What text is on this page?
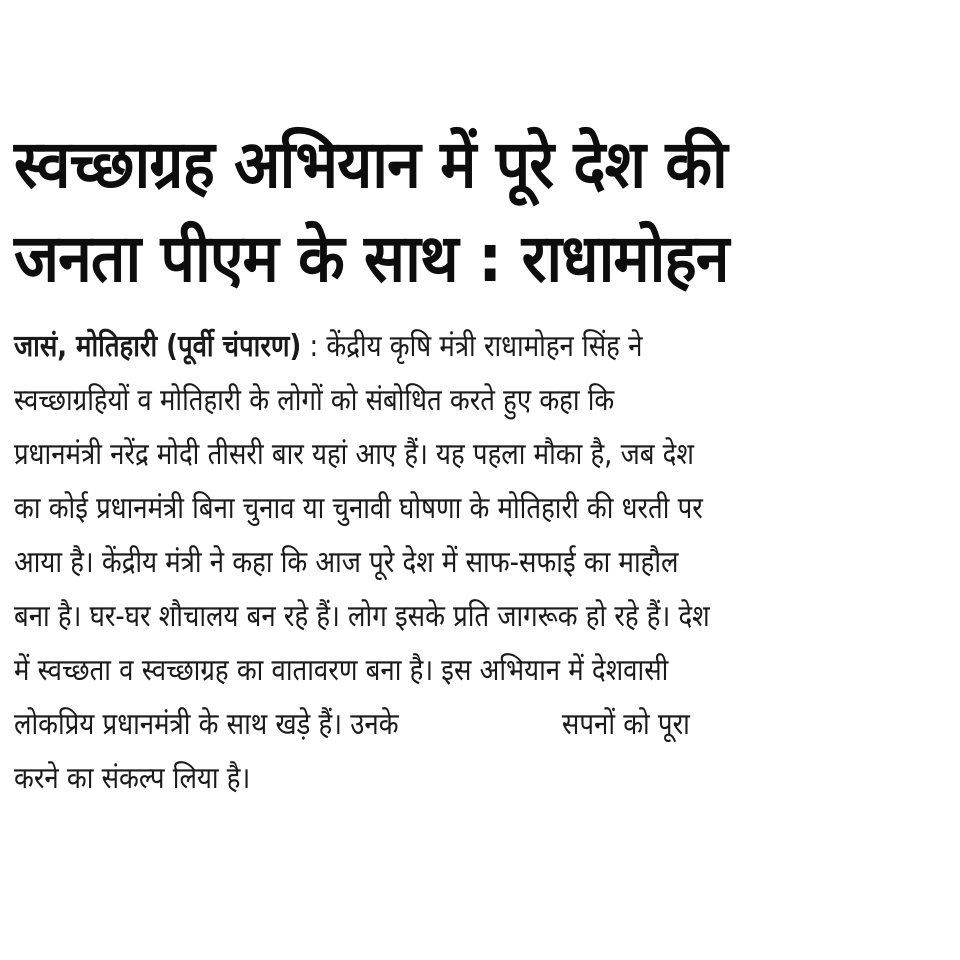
स्वच्छाग्रह अभियान में पूरे देश की
जनता पीएम के साथ : राधामोहन
जासं, मोतिहारी (पूर्वी चंपारण) : केंद्रीय कृषि मंत्री राधामोहन सिंह ने
स्वच्छाग्रहियों व मोतिहारी के लोगों को संबोधित करते हुए कहा कि
प्रधानमंत्री नरेंद्र मोदी तीसरी बार यहां आए हैं। यह पहला मौका है, जब देश
का कोई प्रधानमंत्री बिना चुनाव या चुनावी घोषणा के मोतिहारी की धरती पर
आया है। केंद्रीय मंत्री ने कहा कि आज पूरे देश में साफ-सफाई का माहौल
बना है। घर-घर शौचालय बन रहे हैं। लोग इसके प्रति जागरूक हो रहे हैं। देश
में स्वच्छता व स्वच्छाग्रह का वातावरण बना है। इस अभियान में देशवासी
लोकप्रिय प्रधानमंत्री के साथ खड़े हैं। उनके	सपनों को पूरा
करने का संकल्प लिया है।
